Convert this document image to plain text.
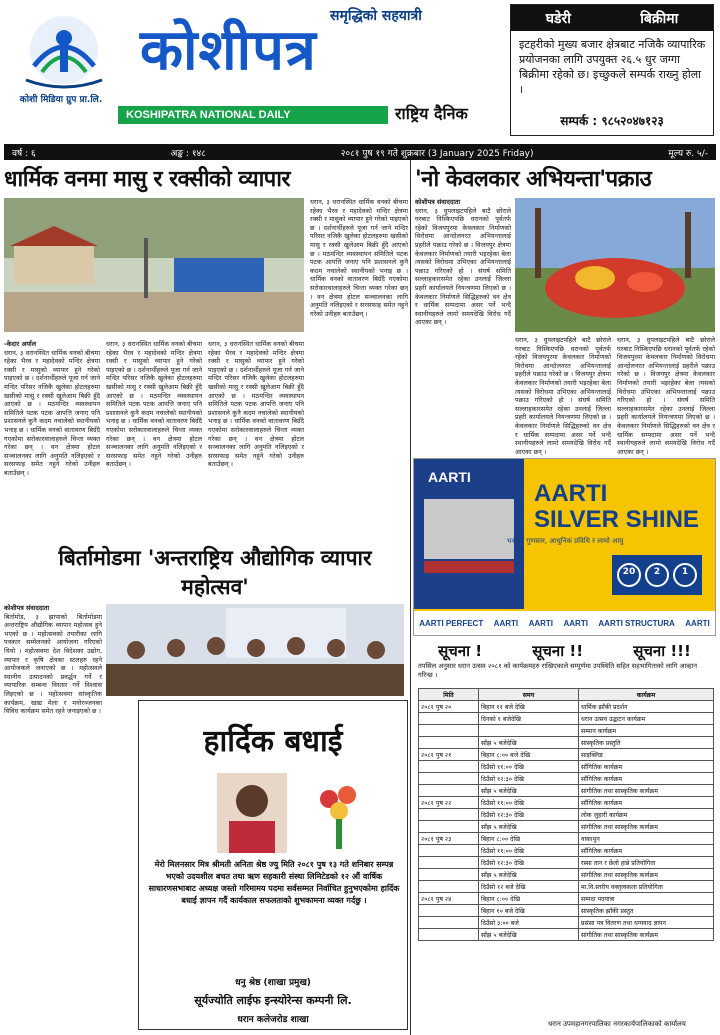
कोशी मिडिया ग्रुप प्रा.लि.
समृद्धिको सहयात्री
कोशीपत्र
KOSHIPATRA NATIONAL DAILY	राष्ट्रिय दैनिक
घडेरी	बिक्रीमा
इटहरीको मुख्य बजार क्षेत्रबाट नजिकै व्यापारिक प्रयोजनका लागि उपयुक्त २६.५ धुर जग्गा बिक्रीमा रहेको छ। इच्छुकले सम्पर्क राख्नु होला ।
सम्पर्क : ९८५२०४७१२३
वर्ष : ६	अङ्क : १४८	२०८१ पुष १९ गते शुक्रबार (3 January 2025 Friday)	मूल्य रु. ५/-
धार्मिक वनमा मासु र रक्सीको व्यापार
-केदार अर्याल
धरान, ३ धरानस्थित धार्मिक वनको बीचमा रहेका भैरव र महादेवको मन्दिर क्षेत्रमा रक्सी र मासुको व्यापार हुने गरेको पाइएको छ । दर्शनार्थीहरुले पूजा गर्न जाने मन्दिर परिसर नजिकै खुलेका होटलहरुमा खसीको मासु र रक्सी खुलेआम बिक्री हुँदै आएको छ । मठमन्दिर व्यवस्थापन समितिले पटक पटक आपत्ति जनाए पनि प्रशासनले कुनै कदम नचालेको स्थानीयको भनाइ छ । धार्मिक वनको वातावरण बिग्रँदै गएकोमा सरोकारवालाहरुले चिन्ता व्यक्त गरेका छन् । वन क्षेत्रमा होटल सञ्चालनका लागि अनुमति नलिइएको र सरसफाइ समेत नहुने गरेको उनीहरु बताउँछन् ।
धरान, ३ धरानस्थित धार्मिक वनको बीचमा रहेका भैरव र महादेवको मन्दिर क्षेत्रमा रक्सी र मासुको व्यापार हुने गरेको पाइएको छ । दर्शनार्थीहरुले पूजा गर्न जाने मन्दिर परिसर नजिकै खुलेका होटलहरुमा खसीको मासु र रक्सी खुलेआम बिक्री हुँदै आएको छ । मठमन्दिर व्यवस्थापन समितिले पटक पटक आपत्ति जनाए पनि प्रशासनले कुनै कदम नचालेको स्थानीयको भनाइ छ । धार्मिक वनको वातावरण बिग्रँदै गएकोमा सरोकारवालाहरुले चिन्ता व्यक्त गरेका छन् । वन क्षेत्रमा होटल सञ्चालनका लागि अनुमति नलिइएको र सरसफाइ समेत नहुने गरेको उनीहरु बताउँछन् ।
धरान, ३ धरानस्थित धार्मिक वनको बीचमा रहेका भैरव र महादेवको मन्दिर क्षेत्रमा रक्सी र मासुको व्यापार हुने गरेको पाइएको छ । दर्शनार्थीहरुले पूजा गर्न जाने मन्दिर परिसर नजिकै खुलेका होटलहरुमा खसीको मासु र रक्सी खुलेआम बिक्री हुँदै आएको छ । मठमन्दिर व्यवस्थापन समितिले पटक पटक आपत्ति जनाए पनि प्रशासनले कुनै कदम नचालेको स्थानीयको भनाइ छ । धार्मिक वनको वातावरण बिग्रँदै गएकोमा सरोकारवालाहरुले चिन्ता व्यक्त गरेका छन् । वन क्षेत्रमा होटल सञ्चालनका लागि अनुमति नलिइएको र सरसफाइ समेत नहुने गरेको उनीहरु बताउँछन् ।
धरान, ३ धरानस्थित धार्मिक वनको बीचमा रहेका भैरव र महादेवको मन्दिर क्षेत्रमा रक्सी र मासुको व्यापार हुने गरेको पाइएको छ । दर्शनार्थीहरुले पूजा गर्न जाने मन्दिर परिसर नजिकै खुलेका होटलहरुमा खसीको मासु र रक्सी खुलेआम बिक्री हुँदै आएको छ । मठमन्दिर व्यवस्थापन समितिले पटक पटक आपत्ति जनाए पनि प्रशासनले कुनै कदम नचालेको स्थानीयको भनाइ छ । धार्मिक वनको वातावरण बिग्रँदै गएकोमा सरोकारवालाहरुले चिन्ता व्यक्त गरेका छन् । वन क्षेत्रमा होटल सञ्चालनका लागि अनुमति नलिइएको र सरसफाइ समेत नहुने गरेको उनीहरु बताउँछन् ।
'नो केवलकार अभियन्ता'पक्राउ
कोशीपत्र संवाददाता
धरान, ३ धुपलाइटपहिले बाटै छोराले घरबाट निस्किएपछि धरानको पूर्वतर्फ रहेको विजयपुरमा केवलकार निर्माणको विरोधमा आन्दोलनरत अभियन्तालाई प्रहरीले पक्राउ गरेको छ । विजयपुर क्षेत्रमा केवलकार निर्माणको तयारी भइरहेका बेला त्यसको विरोधमा उभिएका अभियन्तालाई पक्राउ गरिएको हो । संघर्ष समिति सल्लाहकारसमेत रहेका उनलाई जिल्ला प्रहरी कार्यालयले नियन्त्रणमा लिएको छ । केवलकार निर्माणले सिद्धिहरुको वन क्षेत्र र धार्मिक सम्पदामा असर पर्ने भन्दै स्थानीयहरुले लामो समयदेखि विरोध गर्दै आएका छन् ।
धरान, ३ धुपलाइटपहिले बाटै छोराले घरबाट निस्किएपछि धरानको पूर्वतर्फ रहेको विजयपुरमा केवलकार निर्माणको विरोधमा आन्दोलनरत अभियन्तालाई प्रहरीले पक्राउ गरेको छ । विजयपुर क्षेत्रमा केवलकार निर्माणको तयारी भइरहेका बेला त्यसको विरोधमा उभिएका अभियन्तालाई पक्राउ गरिएको हो । संघर्ष समिति सल्लाहकारसमेत रहेका उनलाई जिल्ला प्रहरी कार्यालयले नियन्त्रणमा लिएको छ । केवलकार निर्माणले सिद्धिहरुको वन क्षेत्र र धार्मिक सम्पदामा असर पर्ने भन्दै स्थानीयहरुले लामो समयदेखि विरोध गर्दै आएका छन् ।
धरान, ३ धुपलाइटपहिले बाटै छोराले घरबाट निस्किएपछि धरानको पूर्वतर्फ रहेको विजयपुरमा केवलकार निर्माणको विरोधमा आन्दोलनरत अभियन्तालाई प्रहरीले पक्राउ गरेको छ । विजयपुर क्षेत्रमा केवलकार निर्माणको तयारी भइरहेका बेला त्यसको विरोधमा उभिएका अभियन्तालाई पक्राउ गरिएको हो । संघर्ष समिति सल्लाहकारसमेत रहेका उनलाई जिल्ला प्रहरी कार्यालयले नियन्त्रणमा लिएको छ । केवलकार निर्माणले सिद्धिहरुको वन क्षेत्र र धार्मिक सम्पदामा असर पर्ने भन्दै स्थानीयहरुले लामो समयदेखि विरोध गर्दै आएका छन् ।
AARTI
AARTI
SILVER SHINE
भरपर्दो गुणस्तर, आधुनिक प्रविधि र लामो आयु
20	2	1
AARTI PERFECT AARTI AARTI AARTI AARTI STRUCTURA AARTI
बिर्तामोडमा 'अन्तराष्ट्रिय औद्योगिक व्यापार महोत्सव'
कोशीपत्र संवाददाता
बिर्तामोड, ३ झापाको बिर्तामोडमा अन्तराष्ट्रिय औद्योगिक व्यापार महोत्सव हुने भएको छ । महोत्सवको तयारीका लागि पत्रकार सम्मेलनको आयोजना गरिएको थियो । महोत्सवमा देश विदेशका उद्योग, व्यापार र कृषि क्षेत्रका स्टलहरु रहने आयोजकले जनाएको छ । महोत्सवले स्थानीय उत्पादनको प्रवर्द्धन गर्ने र व्यापारिक सम्बन्ध विस्तार गर्ने विश्वास लिइएको छ । महोत्सवमा सांस्कृतिक कार्यक्रम, खाद्य मेला र मनोरञ्जनका विविध कार्यक्रम समेत रहने जनाइएको छ ।
हार्दिक बधाई
मेरो मिलनसार मित्र श्रीमती अनिता श्रेष्ठ ज्यु मिति २०८१ पुष १३ गते शनिबार सम्पन्न भएको उदयशील बचत तथा ऋण सहकारी संस्था लिमिटेडको १२ औं वार्षिक साधारणसभाबाट अध्यक्ष जस्तो गरिमामय पदमा सर्वसम्मत निर्वाचित हुनुभएकोमा हार्दिक बधाई ज्ञापन गर्दै कार्यकाल सफलताको शुभकामना व्यक्त गर्दछु ।
धनु श्रेष्ठ (शाखा प्रमुख)
सूर्यज्योति लाईफ इन्स्योरेन्स कम्पनी लि.
धरान कलेजरोड शाखा
सूचना !	सूचना !!	सूचना !!!
तपसिल अनुसार धरान उत्सव २०८१ को कार्यक्रमहरु राखिएकाले सम्पूर्णमा उपस्थिति सहित सहभागिताको लागि आव्हान गरिन्छ ।
मिति	समय	कार्यक्रम
२०८१ पुष २०	बिहान ११ बजे देखि	धार्मिक झाँकी प्रदर्शन
	दिनको १ बजेदेखि	धरान उत्सव उद्घाटन कार्यक्रम
		सम्मान कार्यक्रम
	साँझ ५ बजेदेखि	सांस्कृतिक प्रस्तुति
२०८१ पुष २१	बिहान ८:०० बजे देखि	साइक्लिङ
	दिउँसो ११:०० देखि	साँगितिक कार्यक्रम
	दिउँसो १२:३० देखि	साँगितिक कार्यक्रम
	साँझ ५ बजेदेखि	सांगीतिक तथा सास्कृतिक कार्यक्रम
२०८१ पुष २२	दिउँसो ११:०० देखि	साँगितिक कार्यक्रम
	दिउँसो १२:३० देखि	लोक जुहारी कार्यक्रम
	साँझ ५ बजेदेखि	सांगीतिक तथा सास्कृतिक कार्यक्रम
२०८१ पुष २३	बिहान ८:०० देखि	वाकाथुन
	दिउँसो ११:०० देखि	साँगितिक कार्यक्रम
	दिउँसो १२:३० देखि	रस्सा तान र छेलो हान्ने प्रतियोगिता
	साँझ ५ बजेदेखि	सांगीतिक तथा सास्कृतिक कार्यक्रम
	दिउँसो १२ बजे देखि	मा.वि.स्तरीय वक्तृत्वकला प्रतियोगिता
२०८१ पुष २४	बिहान ८:०० देखि	सम्पदा पदयात्रा
	बिहान १० बजे देखि	सांस्कृतिक झाँकी प्रस्तुत
	दिउँसो ३:०० बजे	प्रसंसा पत्र वितरण तथा धन्यवाद ज्ञापन
	साँझ ५ बजेदेखि	सांगीतिक तथा सास्कृतिक कार्यक्रम
धरान उपमहानगरपालिका नगरकार्यपालिकाको कार्यालय
